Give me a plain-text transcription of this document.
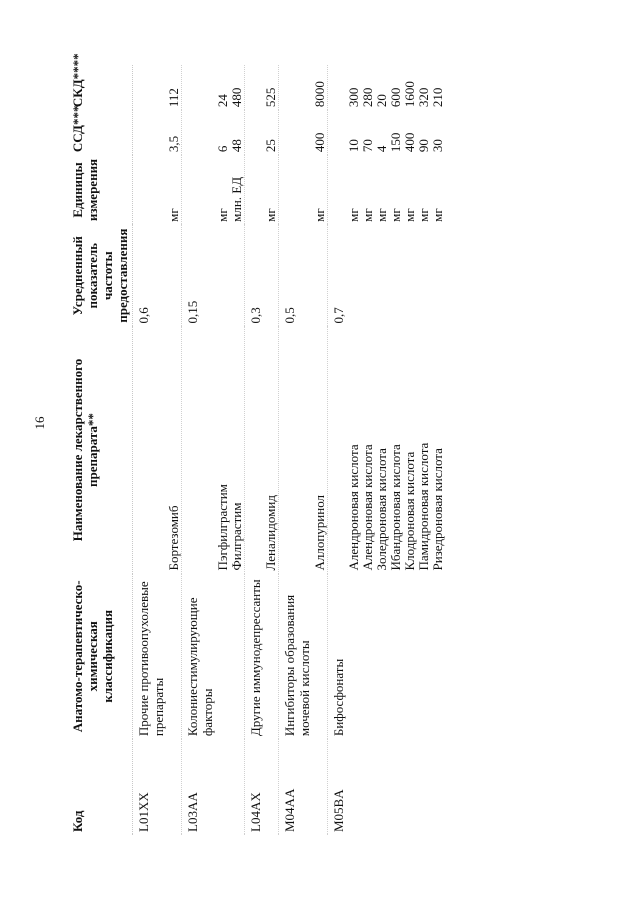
16
Код	Анатомо-терапевтическо-химическая классификация	Наименование лекарственного препарата**	Усредненный показатель частоты предоставления	Единицы измерения	ССД***	СКД****
L01XX	Прочие противоопухолевые препараты		0,6			
		Бортезомиб		мг	3,5	112
L03AA	Колониестимулирующие факторы		0,15			
		Пэгфилграстим		мг	6	24
		Филграстим		млн. ЕД	48	480
L04AX	Другие иммунодепрессанты		0,3			
		Леналидомид		мг	25	525
M04AA	Ингибиторы образования мочевой кислоты		0,5			
		Аллопуринол		мг	400	8000
M05BA	Бифосфонаты		0,7			
		Алендроновая кислота		мг	10	300
		Алендроновая кислота		мг	70	280
		Золедроновая кислота		мг	4	20
		Ибандроновая кислота		мг	150	600
		Клодроновая кислота		мг	400	1600
		Памидроновая кислота		мг	90	320
		Ризедроновая кислота		мг	30	210
